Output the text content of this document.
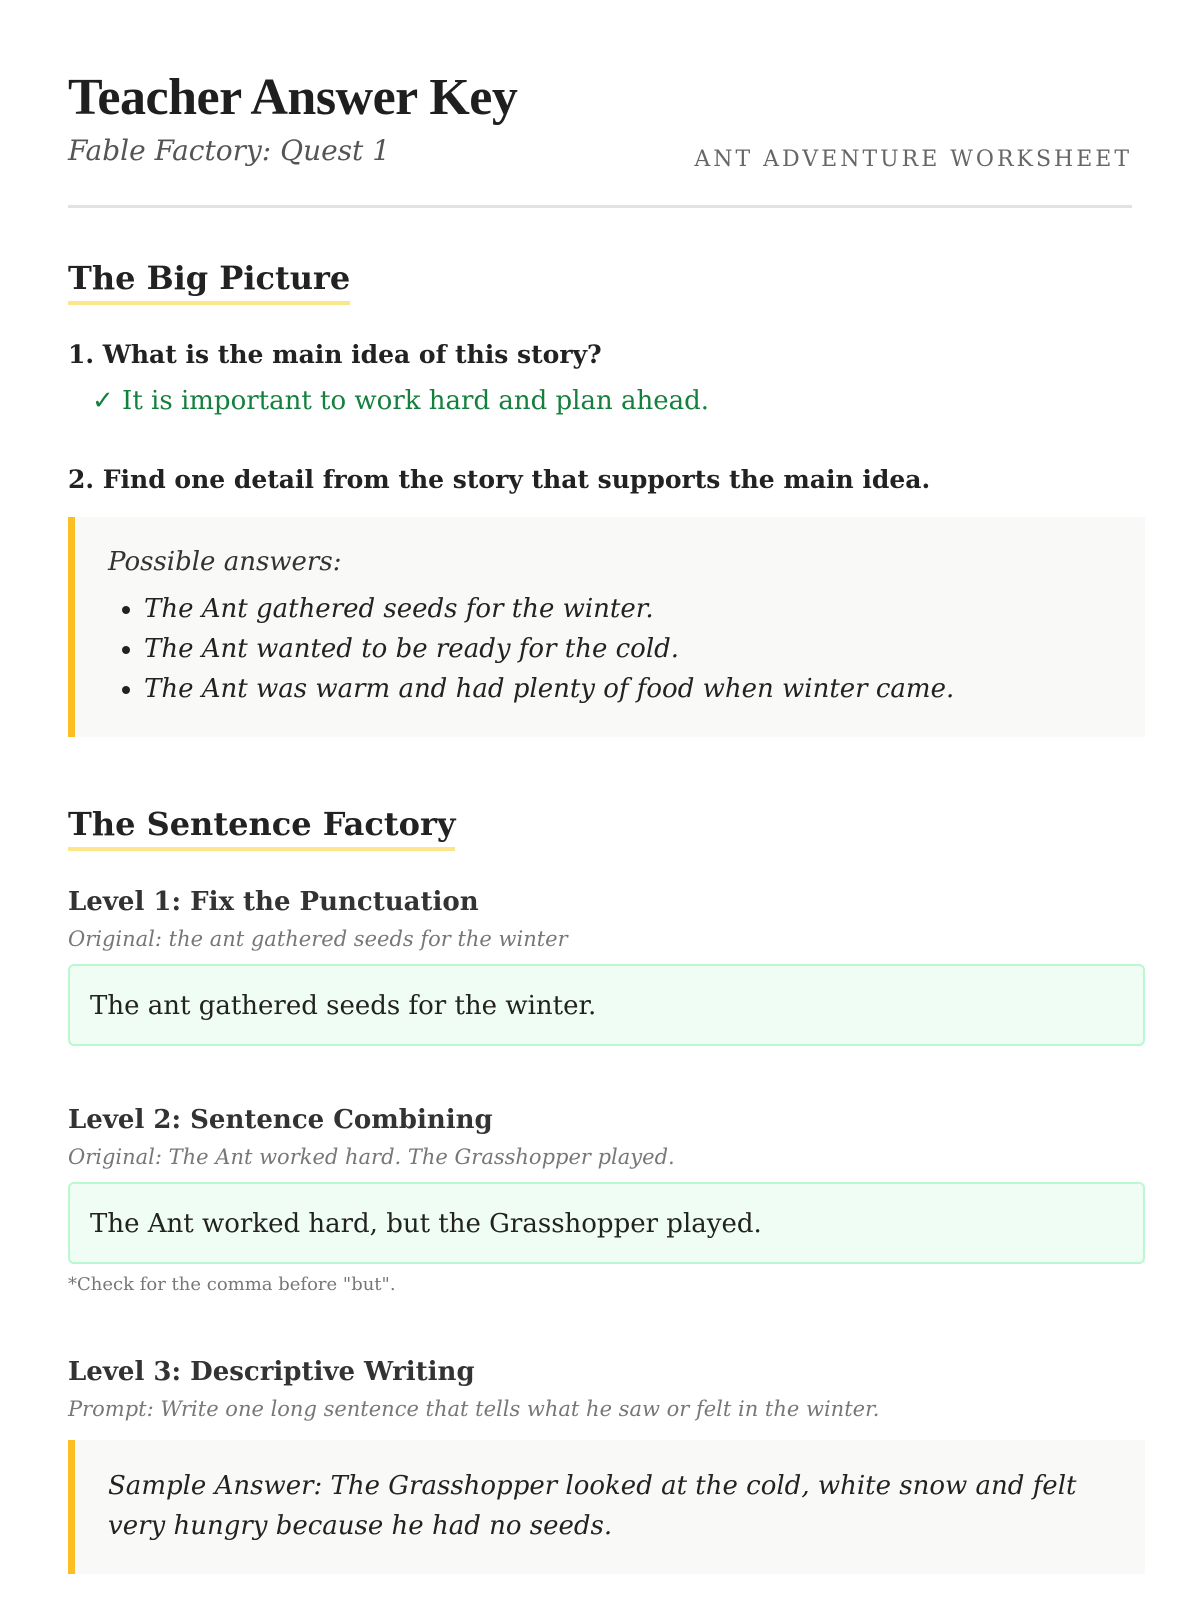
Teacher Answer Key
Fable Factory: Quest 1	ANT ADVENTURE WORKSHEET
The Big Picture
1. What is the main idea of this story?
✓ It is important to work hard and plan ahead.
2. Find one detail from the story that supports the main idea.
Possible answers:
• The Ant gathered seeds for the winter.
• The Ant wanted to be ready for the cold.
• The Ant was warm and had plenty of food when winter came.
The Sentence Factory
Level 1: Fix the Punctuation
Original: the ant gathered seeds for the winter
The ant gathered seeds for the winter.
Level 2: Sentence Combining
Original: The Ant worked hard. The Grasshopper played.
The Ant worked hard, but the Grasshopper played.
*Check for the comma before "but".
Level 3: Descriptive Writing
Prompt: Write one long sentence that tells what he saw or felt in the winter.
Sample Answer: The Grasshopper looked at the cold, white snow and felt very hungry because he had no seeds.
